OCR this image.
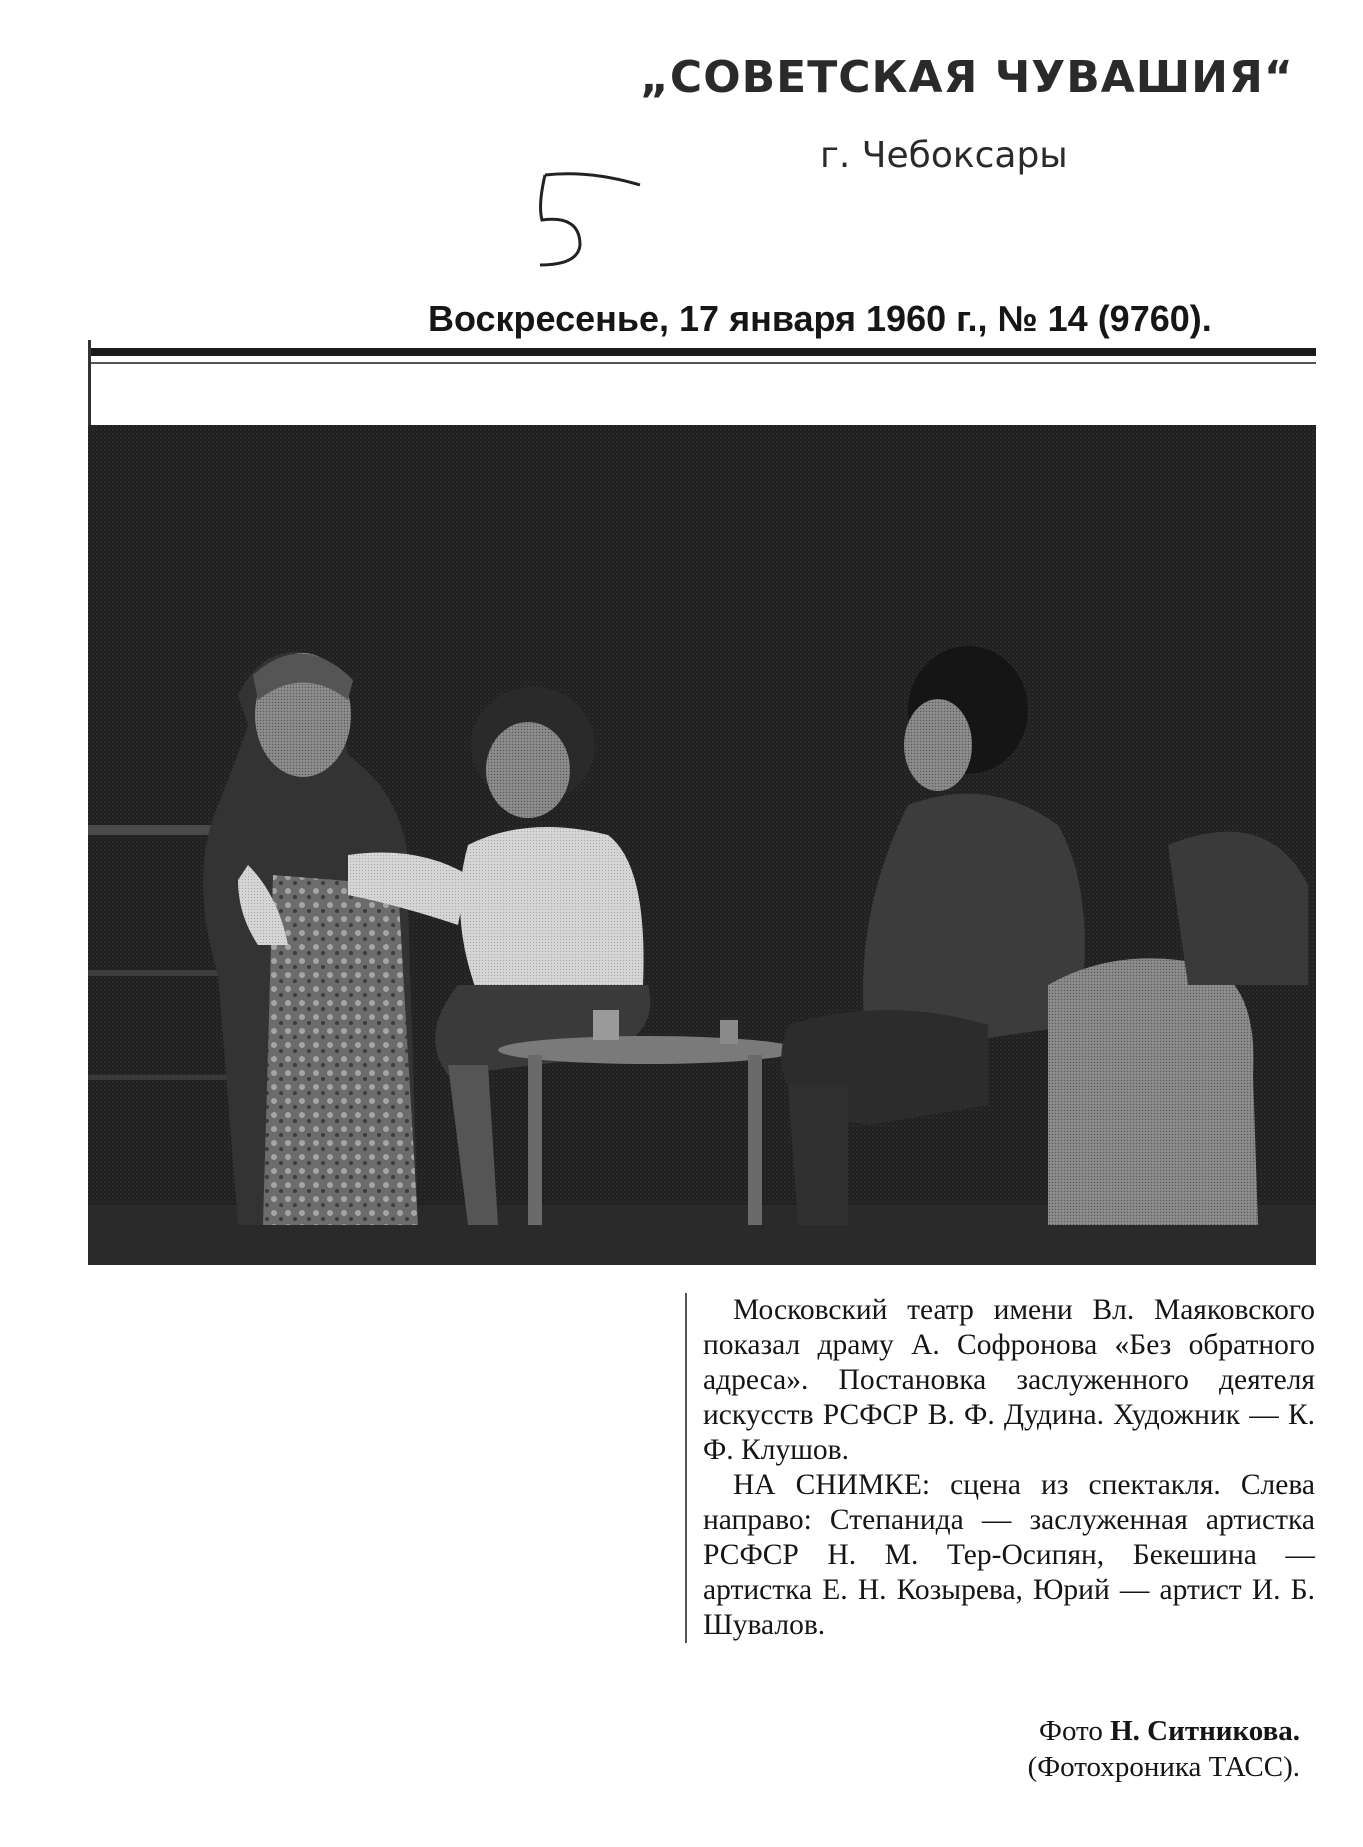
„СОВЕТСКАЯ ЧУВАШИЯ“
г. Чебоксары
Воскресенье, 17 января 1960 г., № 14 (9760).

Московский театр имени Вл. Маяковского показал драму А. Софронова «Без обратного адреса». Постановка заслуженного деятеля искусств РСФСР В. Ф. Дудина. Художник — К. Ф. Клушов.

НА СНИМКЕ: сцена из спектакля. Слева направо: Степанида — заслуженная артистка РСФСР Н. М. Тер-Осипян, Бекешина — артистка Е. Н. Козырева, Юрий — артист И. Б. Шувалов.

Фото Н. Ситникова.
(Фотохроника ТАСС).
